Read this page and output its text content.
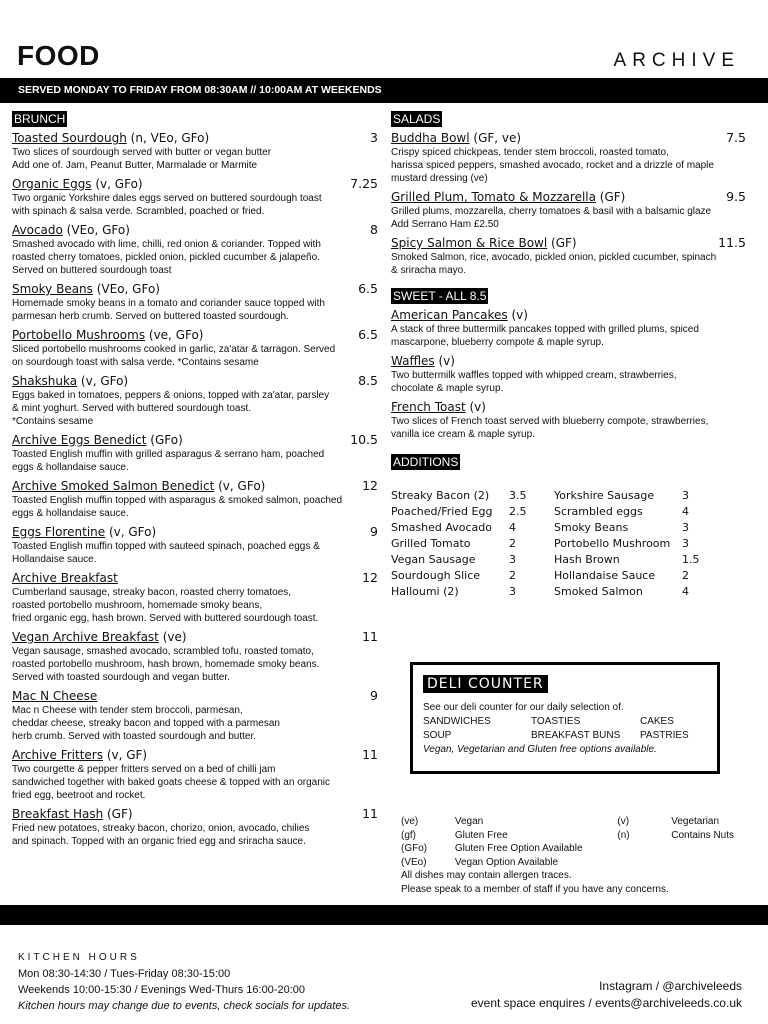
FOOD	ARCHIVE
SERVED MONDAY TO FRIDAY FROM 08:30AM // 10:00AM AT WEEKENDS
BRUNCH
Toasted Sourdough (n, VEo, GFo)	3
Two slices of sourdough served with butter or vegan butter
Add one of. Jam, Peanut Butter, Marmalade or Marmite
Organic Eggs (v, GFo)	7.25
Two organic Yorkshire dales eggs served on buttered sourdough toast
with spinach & salsa verde. Scrambled, poached or fried.
Avocado (VEo, GFo)	8
Smashed avocado with lime, chilli, red onion & coriander. Topped with
roasted cherry tomatoes, pickled onion, pickled cucumber & jalapeño.
Served on buttered sourdough toast
Smoky Beans (VEo, GFo)	6.5
Homemade smoky beans in a tomato and coriander sauce topped with
parmesan herb crumb. Served on buttered toasted sourdough.
Portobello Mushrooms (ve, GFo)	6.5
Sliced portobello mushrooms cooked in garlic, za'atar & tarragon. Served
on sourdough toast with salsa verde. *Contains sesame
Shakshuka (v, GFo)	8.5
Eggs baked in tomatoes, peppers & onions, topped with za'atar, parsley
& mint yoghurt. Served with buttered sourdough toast.
*Contains sesame
Archive Eggs Benedict (GFo)	10.5
Toasted English muffin with grilled asparagus & serrano ham, poached
eggs & hollandaise sauce.
Archive Smoked Salmon Benedict (v, GFo)	12
Toasted English muffin topped with asparagus & smoked salmon, poached
eggs & hollandaise sauce.
Eggs Florentine (v, GFo)	9
Toasted English muffin topped with sauteed spinach, poached eggs &
Hollandaise sauce.
Archive Breakfast	12
Cumberland sausage, streaky bacon, roasted cherry tomatoes,
roasted portobello mushroom, homemade smoky beans,
fried organic egg, hash brown. Served with buttered sourdough toast.
Vegan Archive Breakfast (ve)	11
Vegan sausage, smashed avocado, scrambled tofu, roasted tomato,
roasted portobello mushroom, hash brown, homemade smoky beans.
Served with toasted sourdough and vegan butter.
Mac N Cheese	9
Mac n Cheese with tender stem broccoli, parmesan,
cheddar cheese, streaky bacon and topped with a parmesan
herb crumb. Served with toasted sourdough and butter.
Archive Fritters (v, GF)	11
Two courgette & pepper fritters served on a bed of chilli jam
sandwiched together with baked goats cheese & topped with an organic
fried egg, beetroot and rocket.
Breakfast Hash (GF)	11
Fried new potatoes, streaky bacon, chorizo, onion, avocado, chilies
and spinach. Topped with an organic fried egg and sriracha sauce.
SALADS
Buddha Bowl (GF, ve)	7.5
Crispy spiced chickpeas, tender stem broccoli, roasted tomato,
harissa spiced peppers, smashed avocado, rocket and a drizzle of maple
mustard dressing (ve)
Grilled Plum, Tomato & Mozzarella (GF)	9.5
Grilled plums, mozzarella, cherry tomatoes & basil with a balsamic glaze
Add Serrano Ham £2.50
Spicy Salmon & Rice Bowl (GF)	11.5
Smoked Salmon, rice, avocado, pickled onion, pickled cucumber, spinach
& sriracha mayo.
SWEET - ALL 8.5
American Pancakes (v)
A stack of three buttermilk pancakes topped with grilled plums, spiced
mascarpone, blueberry compote & maple syrup.
Waffles (v)
Two buttermilk waffles topped with whipped cream, strawberries,
chocolate & maple syrup.
French Toast (v)
Two slices of French toast served with blueberry compote, strawberries,
vanilla ice cream & maple syrup.
ADDITIONS
Streaky Bacon (2)	3.5	Yorkshire Sausage	3
Poached/Fried Egg	2.5	Scrambled eggs	4
Smashed Avocado	4	Smoky Beans	3
Grilled Tomato	2	Portobello Mushroom	3
Vegan Sausage	3	Hash Brown	1.5
Sourdough Slice	2	Hollandaise Sauce	2
Halloumi (2)	3	Smoked Salmon	4
DELI COUNTER
See our deli counter for our daily selection of.
SANDWICHES	TOASTIES	CAKES
SOUP	BREAKFAST BUNS	PASTRIES
Vegan, Vegetarian and Gluten free options available.
(ve)	Vegan	(v)	Vegetarian
(gf)	Gluten Free	(n)	Contains Nuts
(GFo)	Gluten Free Option Available
(VEo)	Vegan Option Available
All dishes may contain allergen traces.
Please speak to a member of staff if you have any concerns.
KITCHEN HOURS
Mon 08:30-14:30 / Tues-Friday 08:30-15:00
Weekends 10:00-15:30 / Evenings Wed-Thurs 16:00-20:00
Kitchen hours may change due to events, check socials for updates.
Instagram / @archiveleeds
event space enquires / events@archiveleeds.co.uk
